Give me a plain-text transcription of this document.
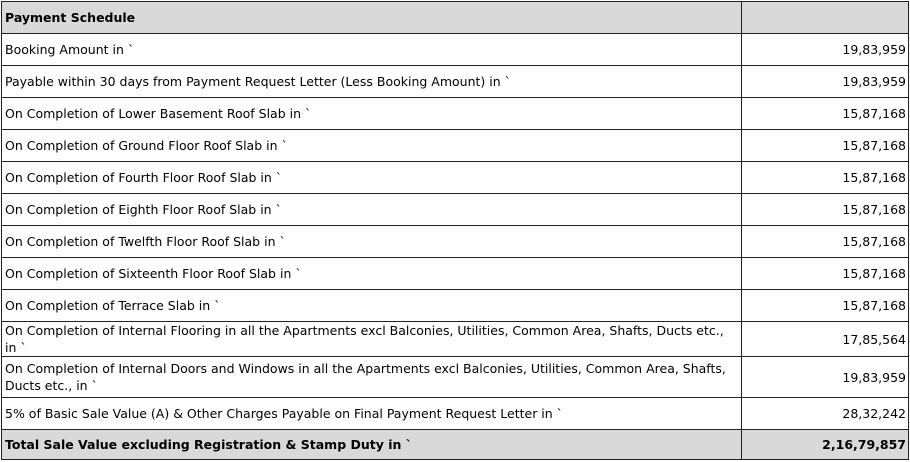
Payment Schedule	
Booking Amount in `	19,83,959
Payable within 30 days from Payment Request Letter (Less Booking Amount) in `	19,83,959
On Completion of Lower Basement Roof Slab in `	15,87,168
On Completion of Ground Floor Roof Slab in `	15,87,168
On Completion of Fourth Floor Roof Slab in `	15,87,168
On Completion of Eighth Floor Roof Slab in `	15,87,168
On Completion of Twelfth Floor Roof Slab in `	15,87,168
On Completion of Sixteenth Floor Roof Slab in `	15,87,168
On Completion of Terrace Slab in `	15,87,168
On Completion of Internal Flooring in all the Apartments excl Balconies, Utilities, Common Area, Shafts, Ducts etc., in `	17,85,564
On Completion of Internal Doors and Windows in all the Apartments excl Balconies, Utilities, Common Area, Shafts, Ducts etc., in `	19,83,959
5% of Basic Sale Value (A) & Other Charges Payable on Final Payment Request Letter in `	28,32,242
Total Sale Value excluding Registration & Stamp Duty in `	2,16,79,857
